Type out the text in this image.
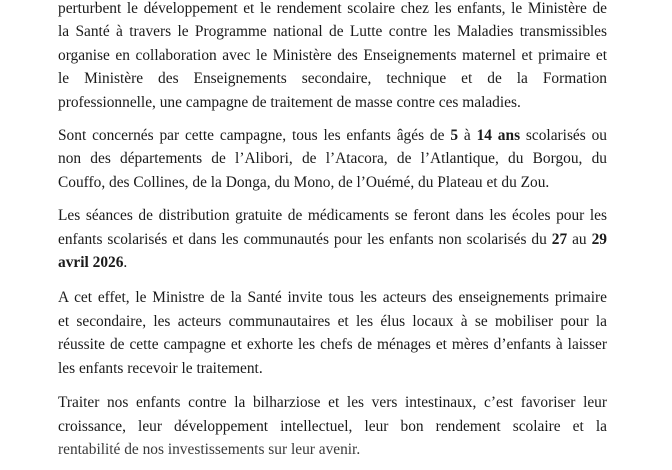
perturbent le développement et le rendement scolaire chez les enfants, le Ministère de
la Santé à travers le Programme national de Lutte contre les Maladies transmissibles
organise en collaboration avec le Ministère des Enseignements maternel et primaire et
le Ministère des Enseignements secondaire, technique et de la Formation
professionnelle, une campagne de traitement de masse contre ces maladies.

Sont concernés par cette campagne, tous les enfants âgés de 5 à 14 ans scolarisés ou
non des départements de l’Alibori, de l’Atacora, de l’Atlantique, du Borgou, du
Couffo, des Collines, de la Donga, du Mono, de l’Ouémé, du Plateau et du Zou.

Les séances de distribution gratuite de médicaments se feront dans les écoles pour les
enfants scolarisés et dans les communautés pour les enfants non scolarisés du 27 au 29
avril 2026.

A cet effet, le Ministre de la Santé invite tous les acteurs des enseignements primaire
et secondaire, les acteurs communautaires et les élus locaux à se mobiliser pour la
réussite de cette campagne et exhorte les chefs de ménages et mères d’enfants à laisser
les enfants recevoir le traitement.

Traiter nos enfants contre la bilharziose et les vers intestinaux, c’est favoriser leur
croissance, leur développement intellectuel, leur bon rendement scolaire et la
rentabilité de nos investissements sur leur avenir.
